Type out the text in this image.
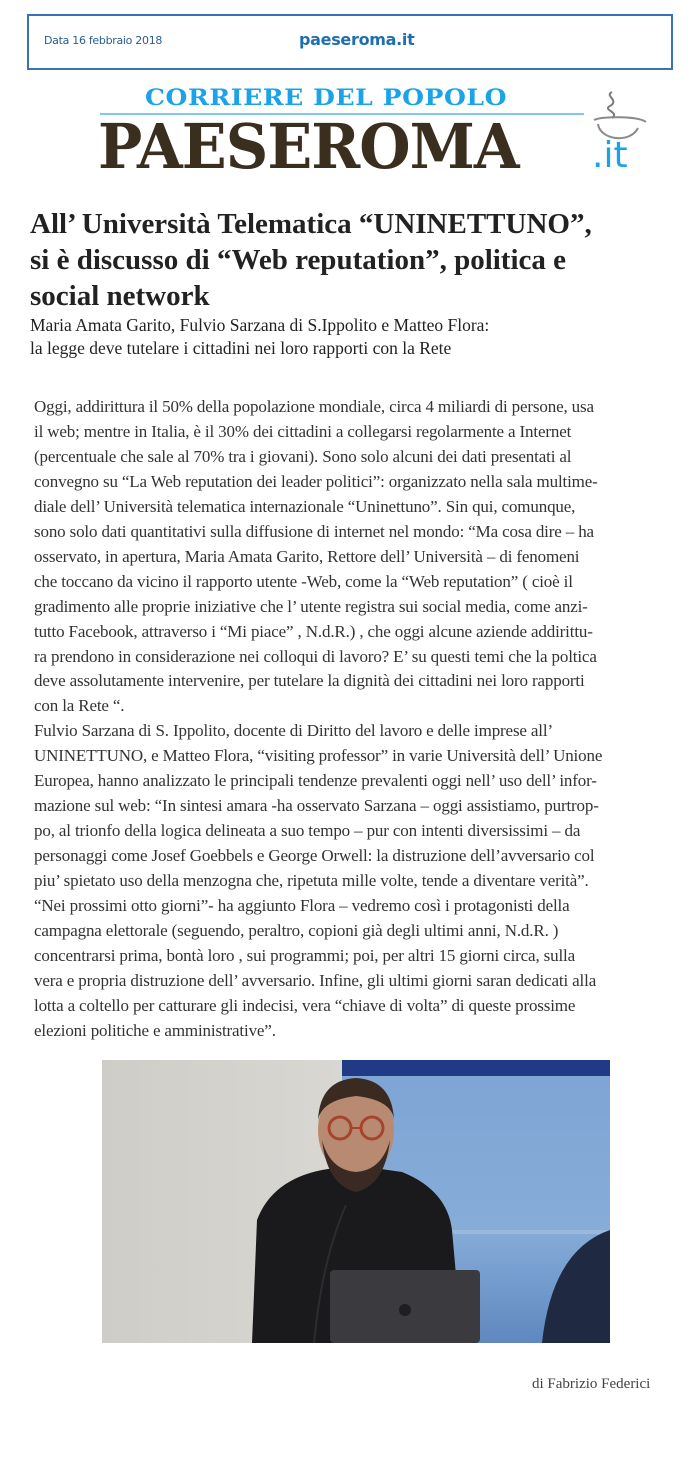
Data 16 febbraio 2018	paeseroma.it
CORRIERE DEL POPOLO
PAESEROMA .it
All’ Università Telematica “UNINETTUNO”,
si è discusso di “Web reputation”, politica e
social network
Maria Amata Garito, Fulvio Sarzana di S.Ippolito e Matteo Flora:
la legge deve tutelare i cittadini nei loro rapporti con la Rete
Oggi, addirittura il 50% della popolazione mondiale, circa 4 miliardi di persone, usa
il web; mentre in Italia, è il 30% dei cittadini a collegarsi regolarmente a Internet
(percentuale che sale al 70% tra i giovani). Sono solo alcuni dei dati presentati al
convegno su “La Web reputation dei leader politici”: organizzato nella sala multime-
diale dell’ Università telematica internazionale “Uninettuno”. Sin qui, comunque,
sono solo dati quantitativi sulla diffusione di internet nel mondo: “Ma cosa dire – ha
osservato, in apertura, Maria Amata Garito, Rettore dell’ Università – di fenomeni
che toccano da vicino il rapporto utente -Web, come la “Web reputation” ( cioè il
gradimento alle proprie iniziative che l’ utente registra sui social media, come anzi-
tutto Facebook, attraverso i “Mi piace” , N.d.R.) , che oggi alcune aziende addirittu-
ra prendono in considerazione nei colloqui di lavoro? E’ su questi temi che la poltica
deve assolutamente intervenire, per tutelare la dignità dei cittadini nei loro rapporti
con la Rete “.
Fulvio Sarzana di S. Ippolito, docente di Diritto del lavoro e delle imprese all’
UNINETTUNO, e Matteo Flora, “visiting professor” in varie Università dell’ Unione
Europea, hanno analizzato le principali tendenze prevalenti oggi nell’ uso dell’ infor-
mazione sul web: “In sintesi amara -ha osservato Sarzana – oggi assistiamo, purtrop-
po, al trionfo della logica delineata a suo tempo – pur con intenti diversissimi – da
personaggi come Josef Goebbels e George Orwell: la distruzione dell’avversario col
piu’ spietato uso della menzogna che, ripetuta mille volte, tende a diventare verità”.
“Nei prossimi otto giorni”- ha aggiunto Flora – vedremo così i protagonisti della
campagna elettorale (seguendo, peraltro, copioni già degli ultimi anni, N.d.R. )
concentrarsi prima, bontà loro , sui programmi; poi, per altri 15 giorni circa, sulla
vera e propria distruzione dell’ avversario. Infine, gli ultimi giorni saran dedicati alla
lotta a coltello per catturare gli indecisi, vera “chiave di volta” di queste prossime
elezioni politiche e amministrative”.
di Fabrizio Federici
